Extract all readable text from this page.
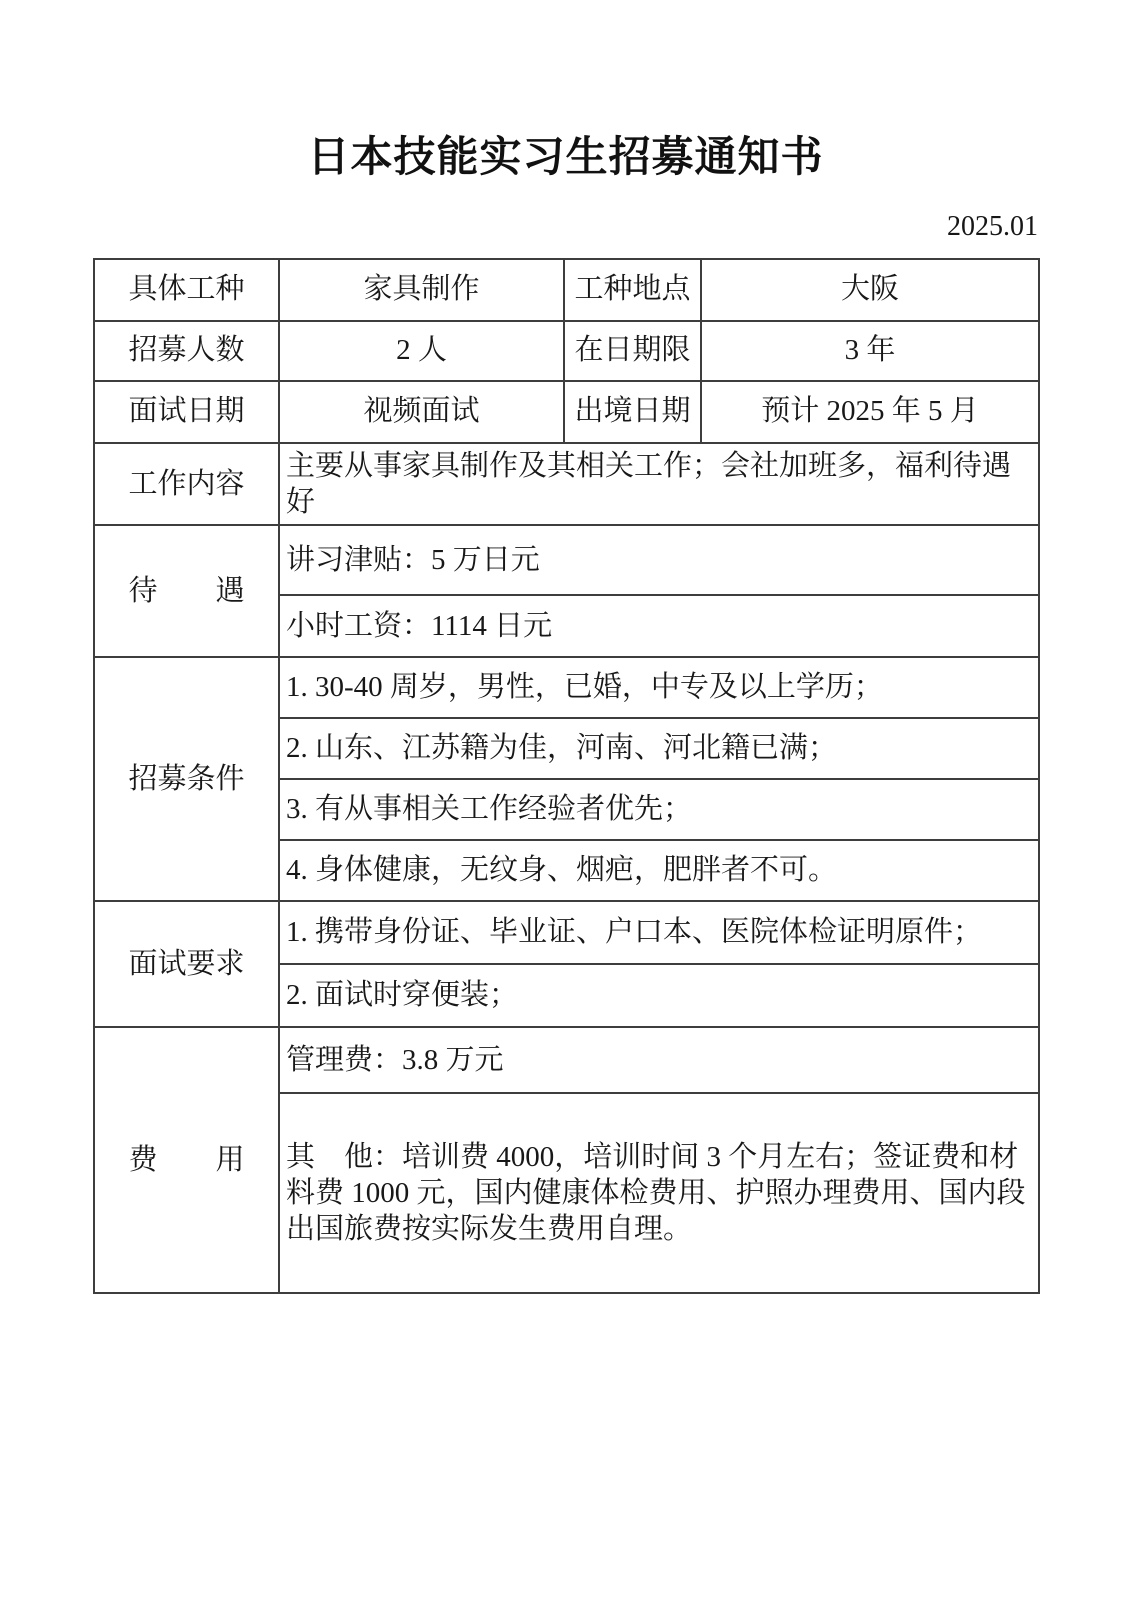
日本技能实习生招募通知书
2025.01
具体工种	家具制作	工种地点	大阪
招募人数	2 人	在日期限	3 年
面试日期	视频面试	出境日期	预计 2025 年 5 月
工作内容	主要从事家具制作及其相关工作；会社加班多，福利待遇好		
待　　遇	讲习津贴：5 万日元		
	小时工资：1114 日元		
招募条件	1. 30-40 周岁，男性，已婚，中专及以上学历；		
	2. 山东、江苏籍为佳，河南、河北籍已满；		
	3. 有从事相关工作经验者优先；		
	4. 身体健康，无纹身、烟疤，肥胖者不可。		
面试要求	1. 携带身份证、毕业证、户口本、医院体检证明原件；		
	2. 面试时穿便装；		
费　　用	管理费：3.8 万元		
	其　他：培训费 4000，培训时间 3 个月左右；签证费和材料费 1000 元，国内健康体检费用、护照办理费用、国内段出国旅费按实际发生费用自理。		
